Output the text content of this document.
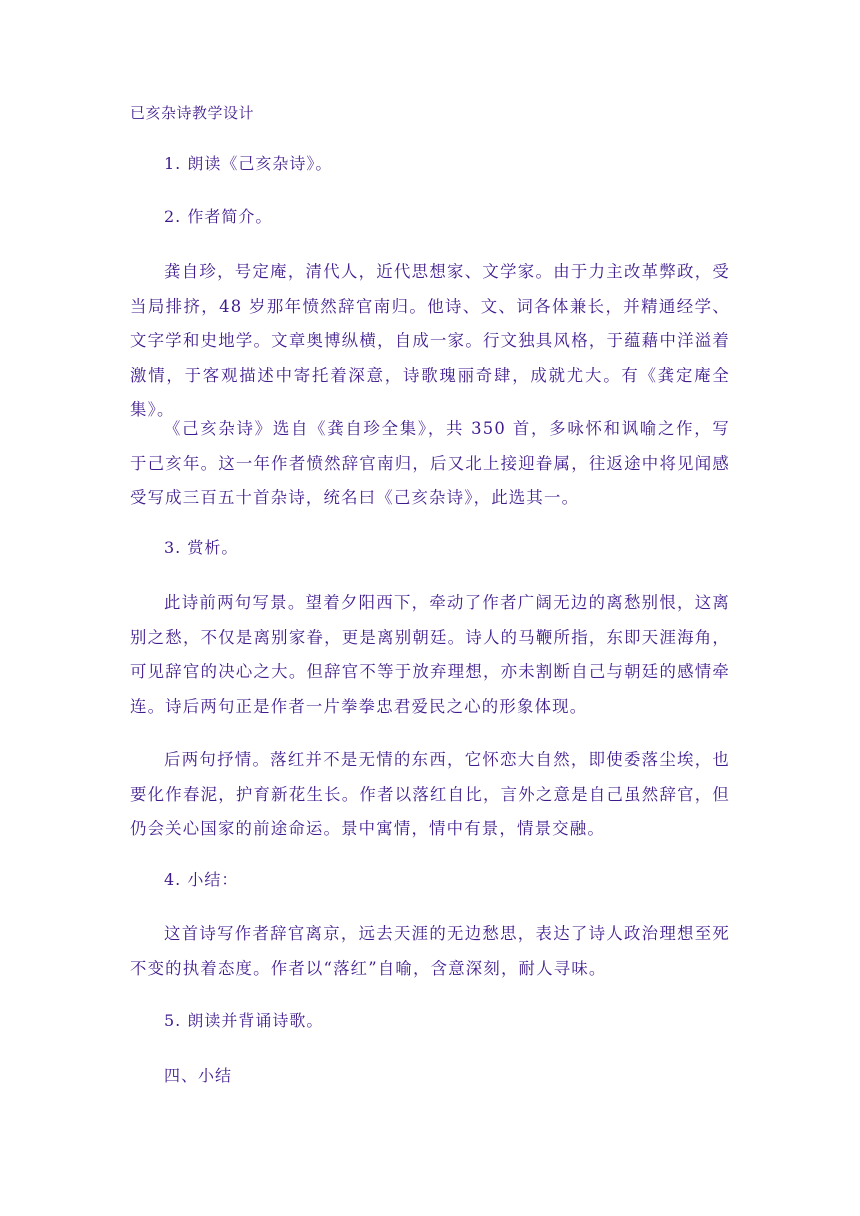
已亥杂诗教学设计
1. 朗读《己亥杂诗》。
2. 作者简介。
龚自珍，号定庵，清代人，近代思想家、文学家。由于力主改革弊政，受当局排挤，48 岁那年愤然辞官南归。他诗、文、词各体兼长，并精通经学、文字学和史地学。文章奥博纵横，自成一家。行文独具风格，于蕴藉中洋溢着激情，于客观描述中寄托着深意，诗歌瑰丽奇肆，成就尤大。有《龚定庵全集》。
《己亥杂诗》选自《龚自珍全集》，共 350 首，多咏怀和讽喻之作，写于己亥年。这一年作者愤然辞官南归，后又北上接迎眷属，往返途中将见闻感受写成三百五十首杂诗，统名曰《己亥杂诗》，此选其一。
3. 赏析。
此诗前两句写景。望着夕阳西下，牵动了作者广阔无边的离愁别恨，这离别之愁，不仅是离别家眷，更是离别朝廷。诗人的马鞭所指，东即天涯海角，可见辞官的决心之大。但辞官不等于放弃理想，亦未割断自己与朝廷的感情牵连。诗后两句正是作者一片拳拳忠君爱民之心的形象体现。
后两句抒情。落红并不是无情的东西，它怀恋大自然，即使委落尘埃，也要化作春泥，护育新花生长。作者以落红自比，言外之意是自己虽然辞官，但仍会关心国家的前途命运。景中寓情，情中有景，情景交融。
4. 小结：
这首诗写作者辞官离京，远去天涯的无边愁思，表达了诗人政治理想至死不变的执着态度。作者以“落红”自喻，含意深刻，耐人寻味。
5. 朗读并背诵诗歌。
四、小结
